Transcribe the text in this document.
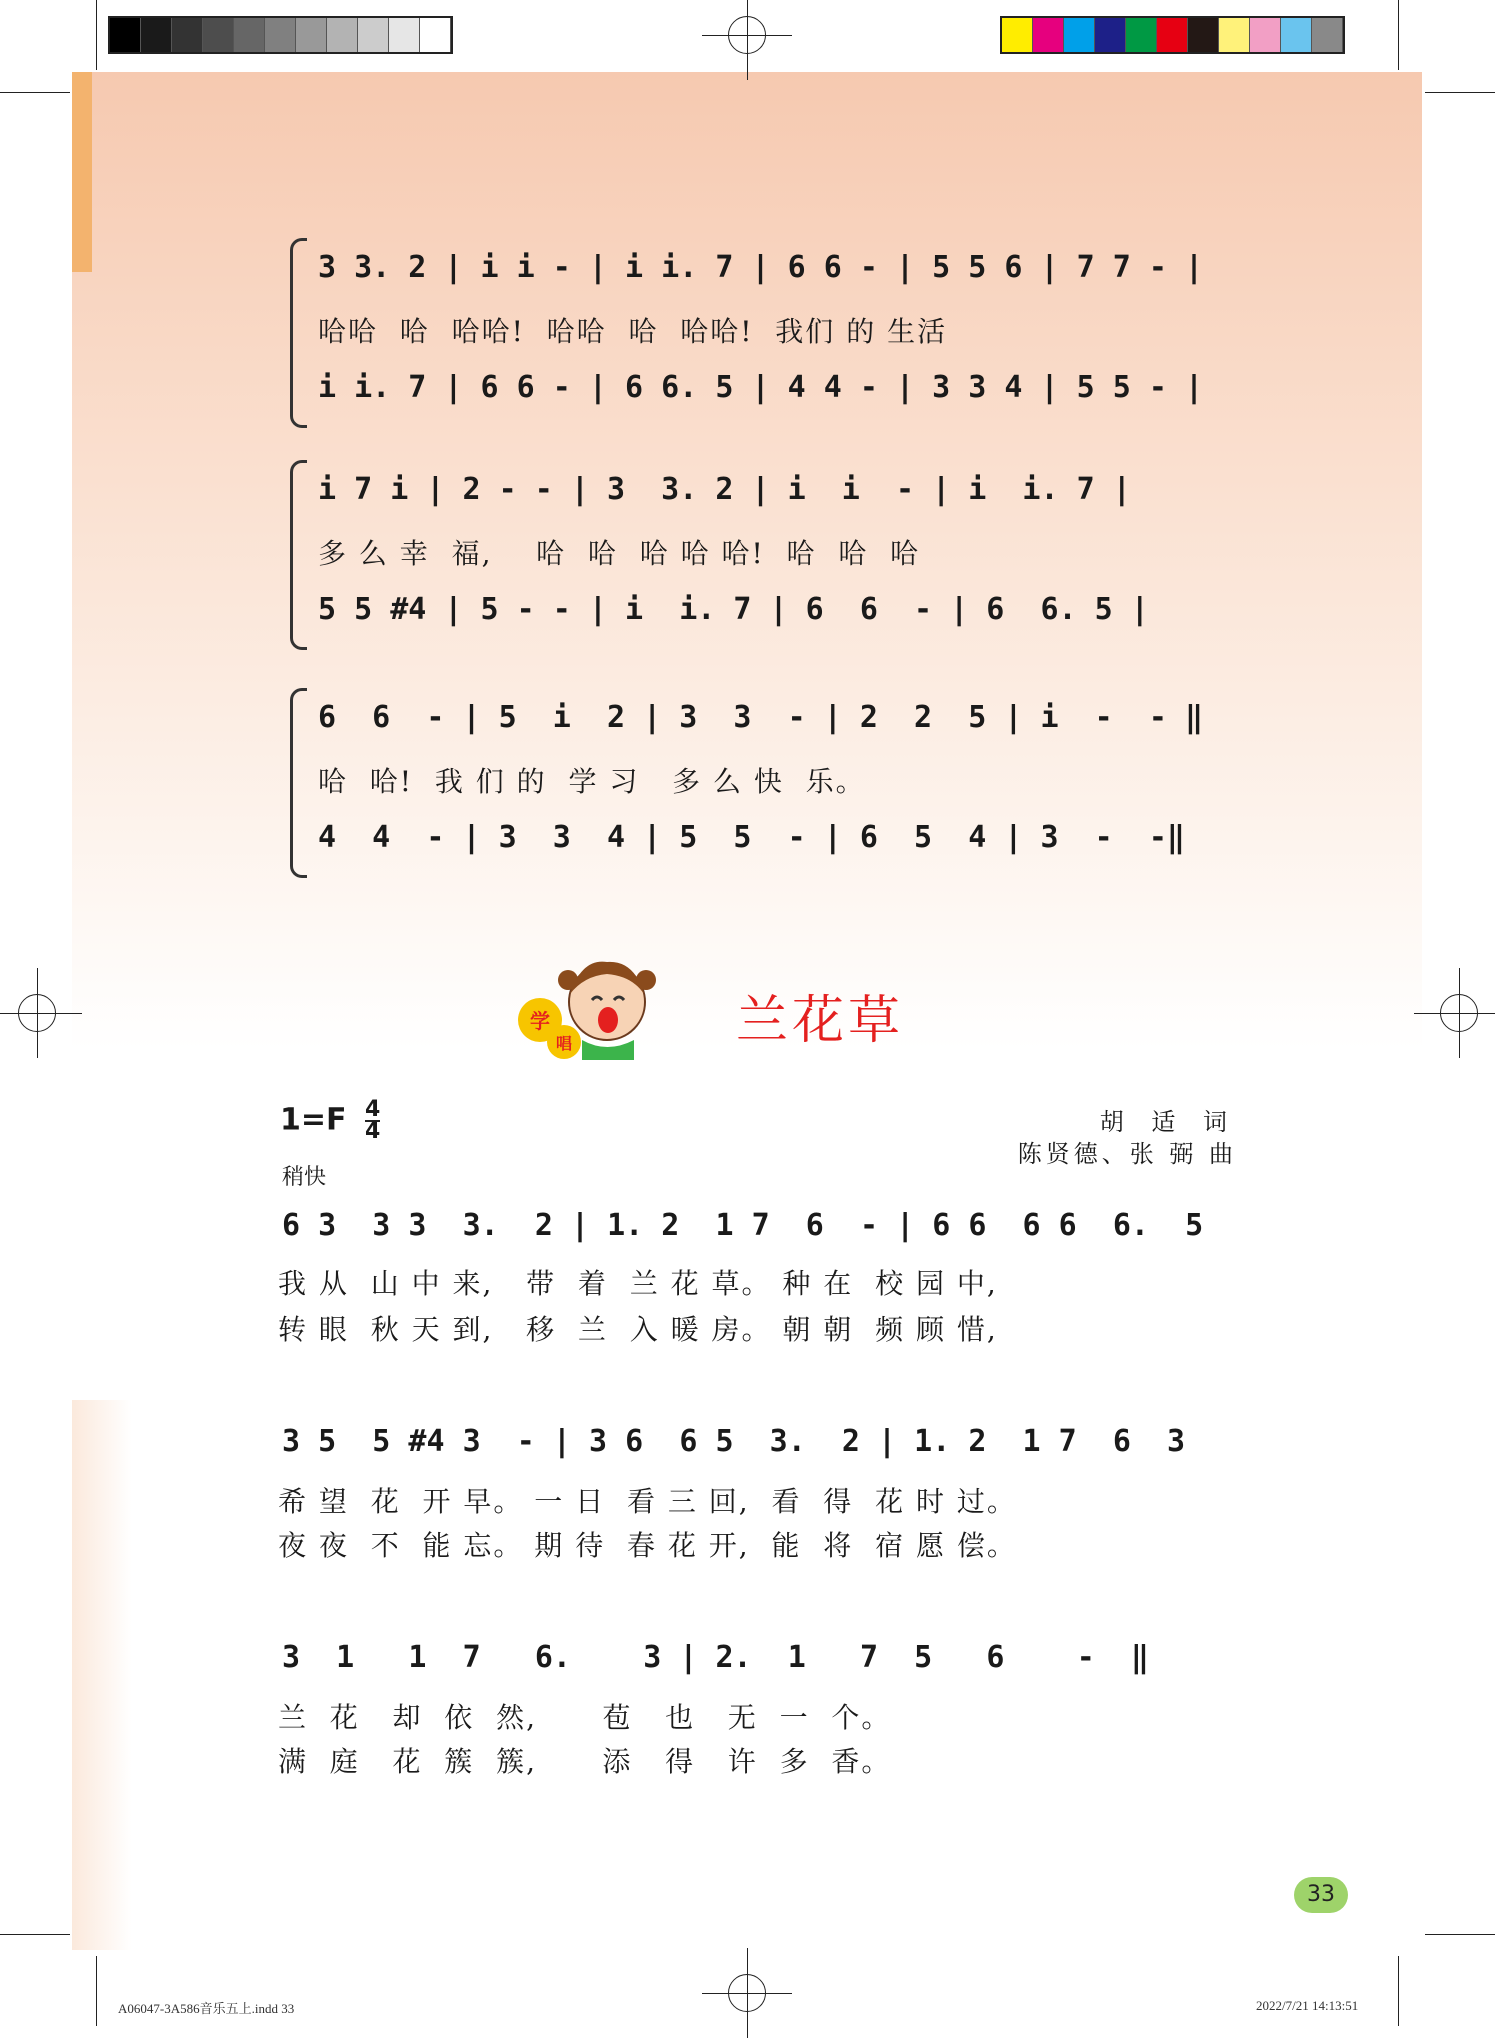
3 3. 2 | i i - | i i. 7 | 6 6 - | 5 5 6 | 7 7 - |
哈哈  哈  哈哈!  哈哈  哈  哈哈!  我们 的 生活
i i. 7 | 6 6 - | 6 6. 5 | 4 4 - | 3 3 4 | 5 5 - |
i 7 i | 2 - - | 3  3. 2 | i  i  - | i  i. 7 |
多 么 幸  福,    哈  哈  哈 哈 哈!  哈  哈  哈
5 5 #4 | 5 - - | i  i. 7 | 6  6  - | 6  6. 5 |
6  6  - | 5  i  2 | 3  3  - | 2  2  5 | i  -  - ‖
哈  哈!  我 们 的  学 习   多 么 快  乐。
4  4  - | 3  3  4 | 5  5  - | 6  5  4 | 3  -  -‖
学
唱	兰花草
$1=F \frac{4}{4}$
稍快
胡 适 词
陈贤德、张 弼 曲
6 3  3 3  3.  2 | 1. 2  1 7  6  - | 6 6  6 6  6.  5
我 从  山 中 来,   带  着  兰 花 草。 种 在  校 园 中,
转 眼  秋 天 到,   移  兰  入 暖 房。 朝 朝  频 顾 惜,
3 5  5 #4 3  - | 3 6  6 5  3.  2 | 1. 2  1 7  6  3
希 望  花  开 早。 一 日  看 三 回,  看  得  花 时 过。
夜 夜  不  能 忘。 期 待  春 花 开,  能  将  宿 愿 偿。
3  1   1  7   6.    3 | 2.  1   7  5   6    -  ‖
兰  花   却  依  然,      苞   也   无  一  个。
满  庭   花  簇  簇,      添   得   许  多  香。
33
A06047-3A586音乐五上.indd 33	2022/7/21 14:13:51
